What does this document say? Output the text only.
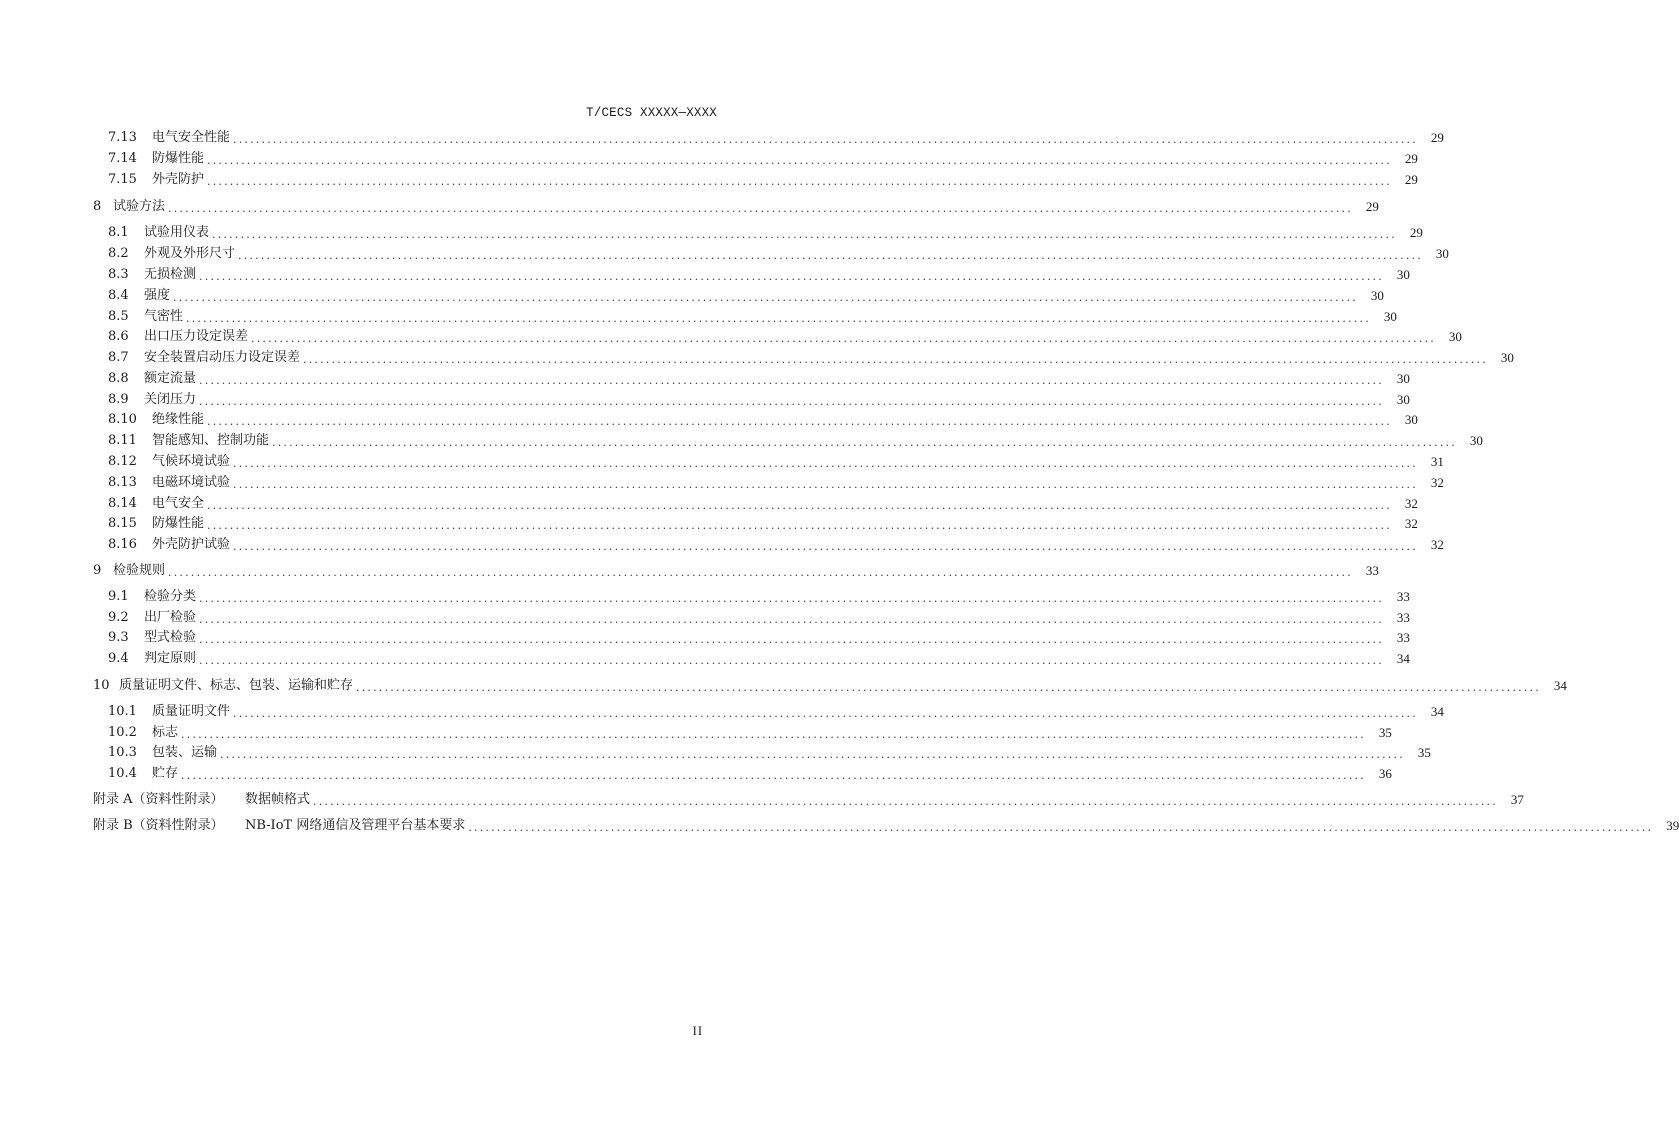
T/CECS XXXXX—XXXX
7.13	电气安全性能 ................................................................................................................................................................................................................	29
7.14	防爆性能 ................................................................................................................................................................................................................	29
7.15	外壳防护 ................................................................................................................................................................................................................	29
8 试验方法 ................................................................................................................................................................................................................	29
8.1	试验用仪表 ................................................................................................................................................................................................................	29
8.2	外观及外形尺寸 ................................................................................................................................................................................................................	30
8.3	无损检测 ................................................................................................................................................................................................................	30
8.4	强度 ................................................................................................................................................................................................................	30
8.5	气密性 ................................................................................................................................................................................................................	30
8.6	出口压力设定误差 ................................................................................................................................................................................................................	30
8.7	安全装置启动压力设定误差 ................................................................................................................................................................................................................	30
8.8	额定流量 ................................................................................................................................................................................................................	30
8.9	关闭压力 ................................................................................................................................................................................................................	30
8.10	绝缘性能 ................................................................................................................................................................................................................	30
8.11	智能感知、控制功能 ................................................................................................................................................................................................................	30
8.12	气候环境试验 ................................................................................................................................................................................................................	31
8.13	电磁环境试验 ................................................................................................................................................................................................................	32
8.14	电气安全 ................................................................................................................................................................................................................	32
8.15	防爆性能 ................................................................................................................................................................................................................	32
8.16	外壳防护试验 ................................................................................................................................................................................................................	32
9 检验规则 ................................................................................................................................................................................................................	33
9.1	检验分类 ................................................................................................................................................................................................................	33
9.2	出厂检验 ................................................................................................................................................................................................................	33
9.3	型式检验 ................................................................................................................................................................................................................	33
9.4	判定原则 ................................................................................................................................................................................................................	34
10 质量证明文件、标志、包装、运输和贮存 ................................................................................................................................................................................................................	34
10.1	质量证明文件 ................................................................................................................................................................................................................	34
10.2	标志 ................................................................................................................................................................................................................	35
10.3	包装、运输 ................................................................................................................................................................................................................	35
10.4	贮存 ................................................................................................................................................................................................................	36
附录 A（资料性附录）	数据帧格式 ................................................................................................................................................................................................................	37
附录 B（资料性附录）	NB-IoT 网络通信及管理平台基本要求 ................................................................................................................................................................................................................	39
II
